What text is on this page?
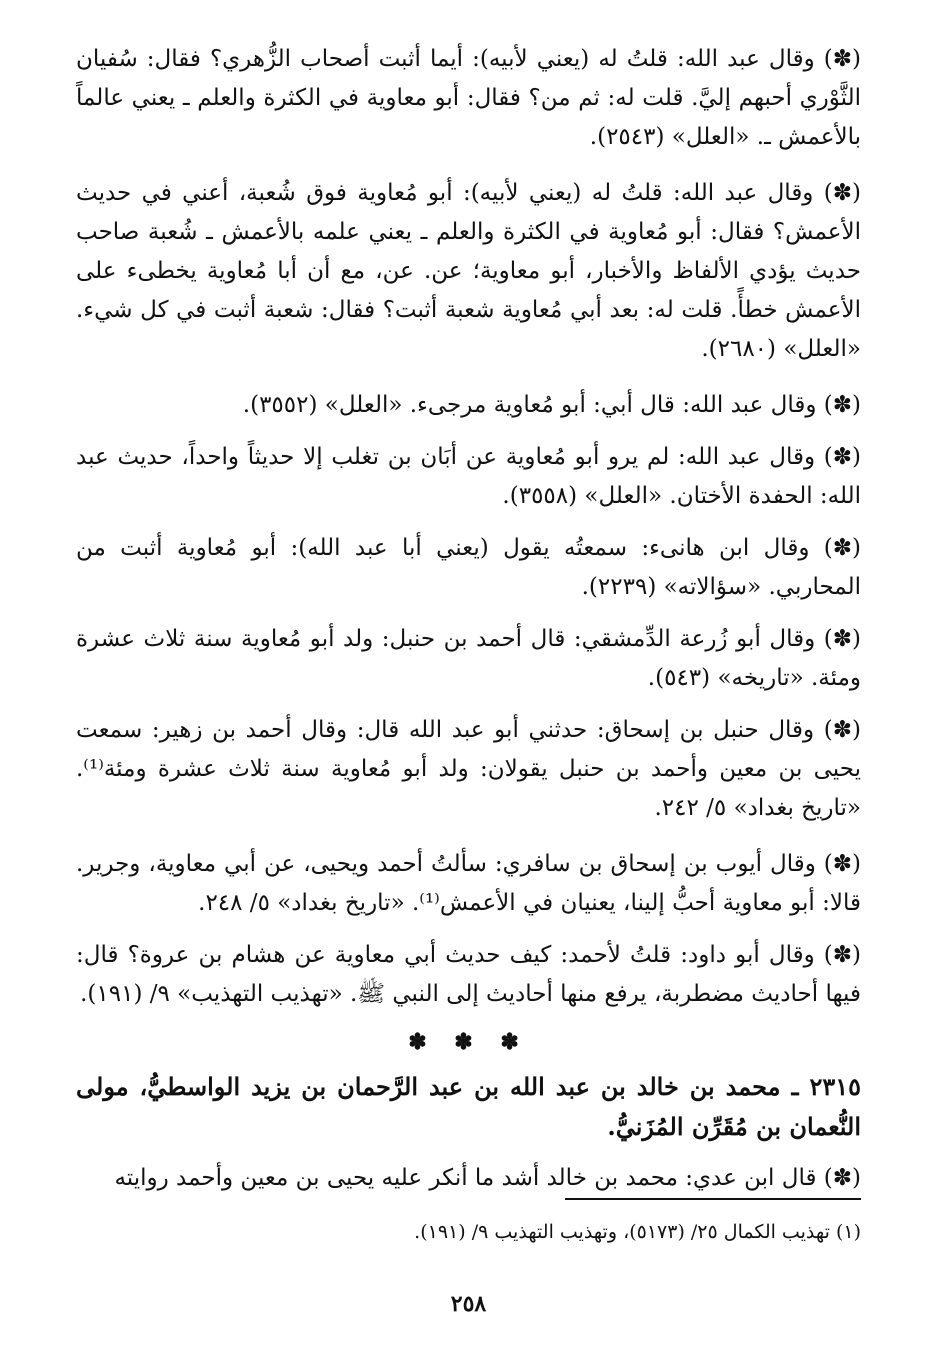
(✽) وقال عبد الله: قلتُ له (يعني لأبيه): أيما أثبت أصحاب الزُّهري؟ فقال: سُفيان الثَّوْري أحبهم إليَّ. قلت له: ثم من؟ فقال: أبو معاوية في الكثرة والعلم ـ يعني عالماً بالأعمش ـ. «العلل» (٢٥٤٣).

(✽) وقال عبد الله: قلتُ له (يعني لأبيه): أبو مُعاوية فوق شُعبة، أعني في حديث الأعمش؟ فقال: أبو مُعاوية في الكثرة والعلم ـ يعني علمه بالأعمش ـ شُعبة صاحب حديث يؤدي الألفاظ والأخبار، أبو معاوية؛ عن. عن، مع أن أبا مُعاوية يخطىء على الأعمش خطأً. قلت له: بعد أبي مُعاوية شعبة أثبت؟ فقال: شعبة أثبت في كل شيء. «العلل» (٢٦٨٠).

(✽) وقال عبد الله: قال أبي: أبو مُعاوية مرجىء. «العلل» (٣٥٥٢).

(✽) وقال عبد الله: لم يرو أبو مُعاوية عن أبَان بن تغلب إلا حديثاً واحداً، حديث عبد الله: الحفدة الأختان. «العلل» (٣٥٥٨).

(✽) وقال ابن هانىء: سمعتُه يقول (يعني أبا عبد الله): أبو مُعاوية أثبت من المحاربي. «سؤالاته» (٢٢٣٩).

(✽) وقال أبو زُرعة الدِّمشقي: قال أحمد بن حنبل: ولد أبو مُعاوية سنة ثلاث عشرة ومئة. «تاريخه» (٥٤٣).

(✽) وقال حنبل بن إسحاق: حدثني أبو عبد الله قال: وقال أحمد بن زهير: سمعت يحيى بن معين وأحمد بن حنبل يقولان: ولد أبو مُعاوية سنة ثلاث عشرة ومئة⁽¹⁾. «تاريخ بغداد» ٥/ ٢٤٢.

(✽) وقال أيوب بن إسحاق بن سافري: سألتُ أحمد ويحيى، عن أبي معاوية، وجرير. قالا: أبو معاوية أحبُّ إلينا، يعنيان في الأعمش⁽¹⁾. «تاريخ بغداد» ٥/ ٢٤٨.

(✽) وقال أبو داود: قلتُ لأحمد: كيف حديث أبي معاوية عن هشام بن عروة؟ قال: فيها أحاديث مضطربة، يرفع منها أحاديث إلى النبي ﷺ. «تهذيب التهذيب» ٩/ (١٩١).

✽ ✽ ✽

٢٣١٥ ـ محمد بن خالد بن عبد الله بن عبد الرَّحمان بن يزيد الواسطيُّ، مولى النُّعمان بن مُقَرِّن المُزَنيُّ.

(✽) قال ابن عدي: محمد بن خالد أشد ما أنكر عليه يحيى بن معين وأحمد روايته

(١) تهذيب الكمال ٢٥/ (٥١٧٣)، وتهذيب التهذيب ٩/ (١٩١).
٢٥٨
